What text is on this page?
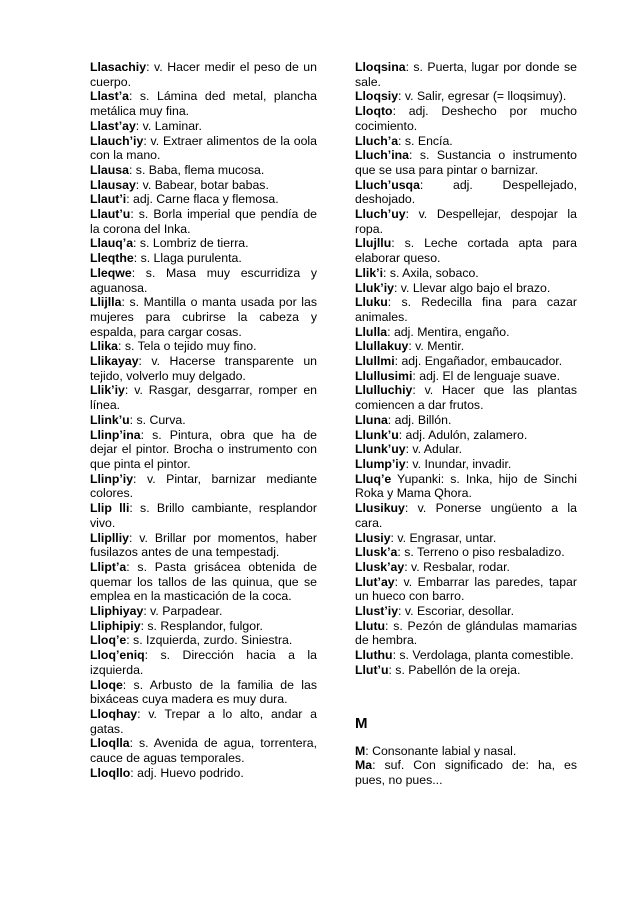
Llasachiy: v. Hacer medir el peso de un cuerpo.

Llast’a: s. Lámina ded metal, plancha metálica muy fina.

Llast’ay: v. Laminar.

Llauch’iy: v. Extraer alimentos de la oola con la mano.

Llausa: s. Baba, flema mucosa.

Llausay: v. Babear, botar babas.

Llaut’i: adj. Carne flaca y flemosa.

Llaut’u: s. Borla imperial que pendía de la corona del Inka.

Llauq’a: s. Lombriz de tierra.

Lleqthe: s. Llaga purulenta.

Lleqwe: s. Masa muy escurridiza y aguanosa.

Llijlla: s. Mantilla o manta usada por las mujeres para cubrirse la cabeza y espalda, para cargar cosas.

Llika: s. Tela o tejido muy fino.

Llikayay: v. Hacerse transparente un tejido, volverlo muy delgado.

Llik’iy: v. Rasgar, desgarrar, romper en línea.

Llink’u: s. Curva.

Llinp’ina: s. Pintura, obra que ha de dejar el pintor. Brocha o instrumento con que pinta el pintor.

Llinp’iy: v. Pintar, barnizar mediante colores.

Llip lli: s. Brillo cambiante, resplandor vivo.

Lliplliy: v. Brillar por momentos, haber fusilazos antes de una tempestadj.

Llipt’a: s. Pasta grisácea obtenida de quemar los tallos de las quinua, que se emplea en la masticación de la coca.

Lliphiyay: v. Parpadear.

Lliphipiy: s. Resplandor, fulgor.

Lloq’e: s. Izquierda, zurdo. Siniestra.

Lloq’eniq: s. Dirección hacia a la izquierda.

Lloqe: s. Arbusto de la familia de las bixáceas cuya madera es muy dura.

Lloqhay: v. Trepar a lo alto, andar a gatas.

Lloqlla: s. Avenida de agua, torrentera, cauce de aguas temporales.

Lloqllo: adj. Huevo podrido.

Lloqsina: s. Puerta, lugar por donde se sale.

Lloqsiy: v. Salir, egresar (= lloqsimuy).

Lloqto: adj. Deshecho por mucho cocimiento.

Lluch’a: s. Encía.

Lluch’ina: s. Sustancia o instrumento que se usa para pintar o barnizar.

Lluch’usqa: adj. Despellejado, deshojado.

Lluch’uy: v. Despellejar, despojar la ropa.

Llujllu: s. Leche cortada apta para elaborar queso.

Llik’i: s. Axila, sobaco.

Lluk’iy: v. Llevar algo bajo el brazo.

Lluku: s. Redecilla fina para cazar animales.

Llulla: adj. Mentira, engaño.

Llullakuy: v. Mentir.

Llullmi: adj. Engañador, embaucador.

Llullusimi: adj. El de lenguaje suave.

Llulluchiy: v. Hacer que las plantas comiencen a dar frutos.

Lluna: adj. Billón.

Llunk’u: adj. Adulón, zalamero.

Llunk’uy: v. Adular.

Llump’iy: v. Inundar, invadir.

Lluq’e Yupanki: s. Inka, hijo de Sinchi Roka y Mama Qhora.

Llusikuy: v. Ponerse ungüento a la cara.

Llusiy: v. Engrasar, untar.

Llusk’a: s. Terreno o piso resbaladizo.

Llusk’ay: v. Resbalar, rodar.

Llut’ay: v. Embarrar las paredes, tapar un hueco con barro.

Llust’iy: v. Escoriar, desollar.

Llutu: s. Pezón de glándulas mamarias de hembra.

Lluthu: s. Verdolaga, planta comestible.

Llut’u: s. Pabellón de la oreja.

M

M: Consonante labial y nasal.

Ma: suf. Con significado de: ha, es pues, no pues...
